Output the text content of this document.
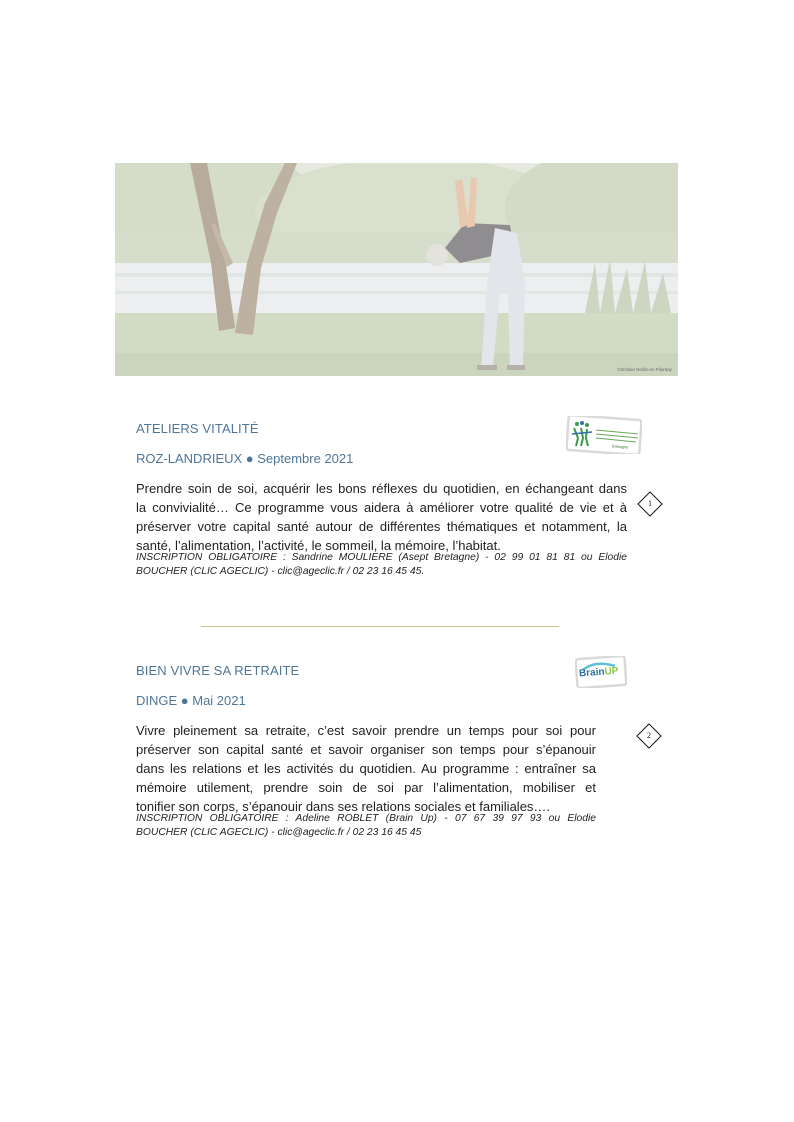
Christian Nodin-en Pilarbay
ATELIERS VITALITÉ
Bretagne
ROZ-LANDRIEUX ● Septembre 2021
Prendre soin de soi, acquérir les bons réflexes du quotidien, en échangeant dans
la convivialité… Ce programme vous aidera à améliorer votre qualité de vie et à
préserver votre capital santé autour de différentes thématiques et notamment, la
santé, l’alimentation, l’activité, le sommeil, la mémoire, l’habitat.
INSCRIPTION OBLIGATOIRE : Sandrine MOULIERE (Asept Bretagne) - 02 99 01 81 81 ou Elodie
BOUCHER (CLIC AGECLIC) - clic@ageclic.fr / 02 23 16 45 45.
1
BIEN VIVRE SA RETRAITE	BrainUP
DINGE ● Mai 2021
Vivre pleinement sa retraite, c’est savoir prendre un temps pour soi pour
préserver son capital santé et savoir organiser son temps pour s’épanouir
dans les relations et les activités du quotidien. Au programme : entraîner sa
mémoire utilement, prendre soin de soi par l’alimentation, mobiliser et
tonifier son corps, s’épanouir dans ses relations sociales et familiales….
INSCRIPTION OBLIGATOIRE : Adeline ROBLET (Brain Up) - 07 67 39 97 93 ou Elodie
BOUCHER (CLIC AGECLIC) - clic@ageclic.fr / 02 23 16 45 45
2
